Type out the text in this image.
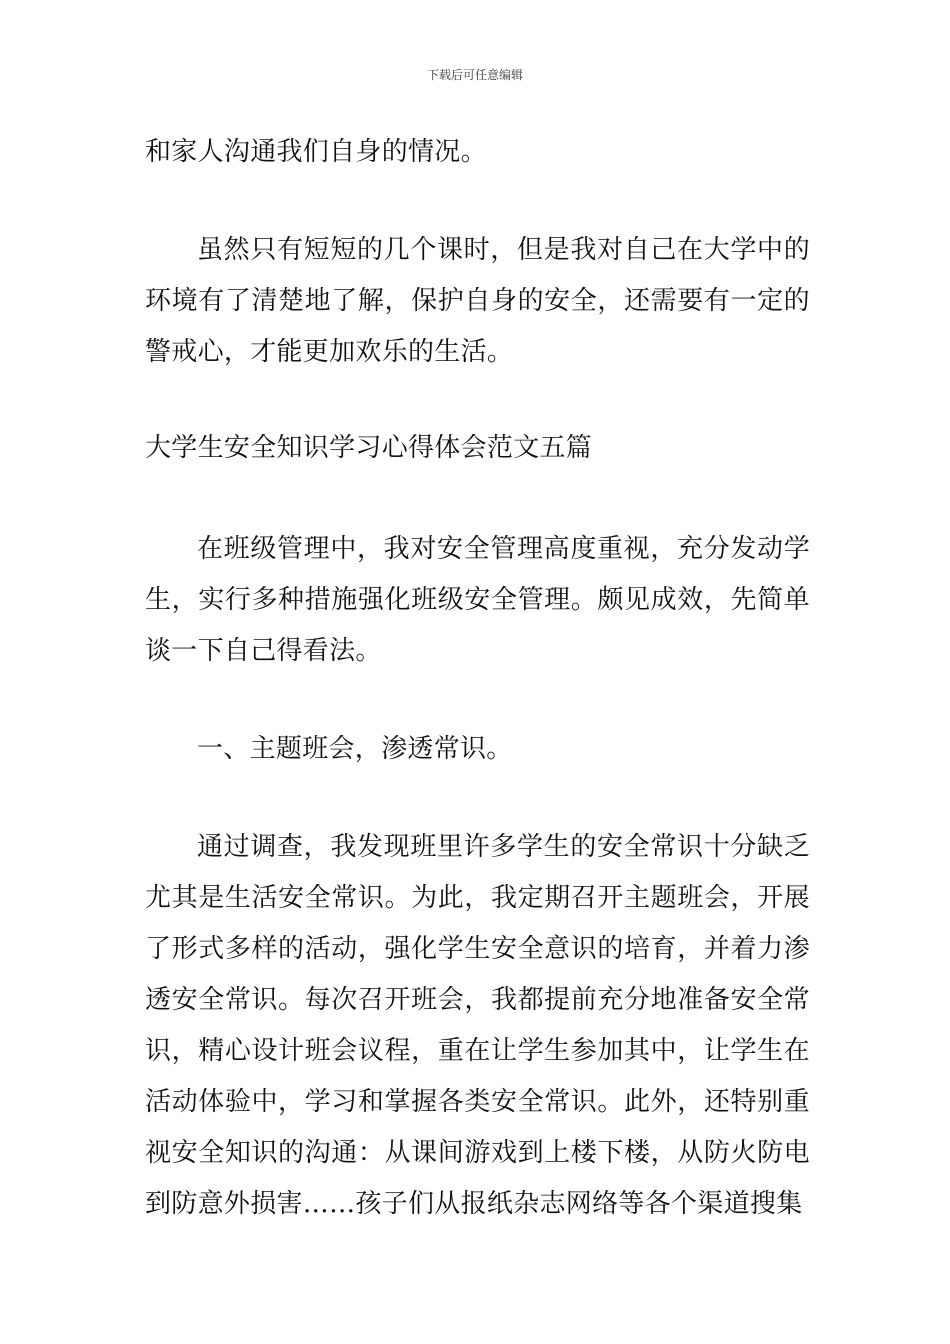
下载后可任意编辑

和家人沟通我们自身的情况。

虽然只有短短的几个课时，但是我对自己在大学中的环境有了清楚地了解，保护自身的安全，还需要有一定的警戒心，才能更加欢乐的生活。

大学生安全知识学习心得体会范文五篇

在班级管理中，我对安全管理高度重视，充分发动学生，实行多种措施强化班级安全管理。颇见成效，先简单谈一下自己得看法。

一、主题班会，渗透常识。

通过调查，我发现班里许多学生的安全常识十分缺乏尤其是生活安全常识。为此，我定期召开主题班会，开展了形式多样的活动，强化学生安全意识的培育，并着力渗透安全常识。每次召开班会，我都提前充分地准备安全常识，精心设计班会议程，重在让学生参加其中，让学生在活动体验中，学习和掌握各类安全常识。此外，还特别重视安全知识的沟通：从课间游戏到上楼下楼，从防火防电到防意外损害……孩子们从报纸杂志网络等各个渠道搜集
